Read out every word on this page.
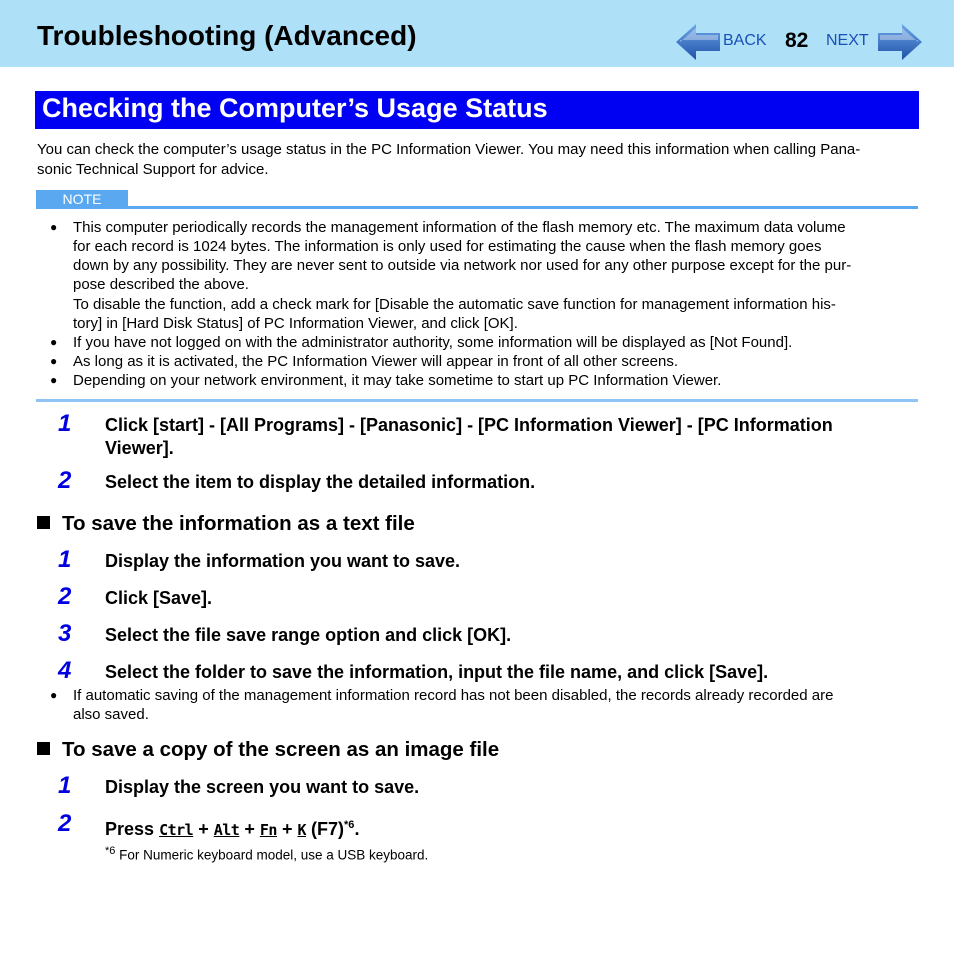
Troubleshooting (Advanced)	BACK 82 NEXT
Checking the Computer’s Usage Status
You can check the computer’s usage status in the PC Information Viewer. You may need this information when calling Pana-
sonic Technical Support for advice.
NOTE
● This computer periodically records the management information of the flash memory etc. The maximum data volume
for each record is 1024 bytes. The information is only used for estimating the cause when the flash memory goes
down by any possibility. They are never sent to outside via network nor used for any other purpose except for the pur-
pose described the above.
To disable the function, add a check mark for [Disable the automatic save function for management information his-
tory] in [Hard Disk Status] of PC Information Viewer, and click [OK].
● If you have not logged on with the administrator authority, some information will be displayed as [Not Found].
● As long as it is activated, the PC Information Viewer will appear in front of all other screens.
● Depending on your network environment, it may take sometime to start up PC Information Viewer.
1 Click [start] - [All Programs] - [Panasonic] - [PC Information Viewer] - [PC Information
Viewer].
2 Select the item to display the detailed information.
To save the information as a text file
1 Display the information you want to save.
2 Click [Save].
3 Select the file save range option and click [OK].
4 Select the folder to save the information, input the file name, and click [Save].
● If automatic saving of the management information record has not been disabled, the records already recorded are
also saved.
To save a copy of the screen as an image file
1 Display the screen you want to save.
2 Press Ctrl + Alt + Fn + K $(F7)^{*6}$.
$^{*6}$ For Numeric keyboard model, use a USB keyboard.
